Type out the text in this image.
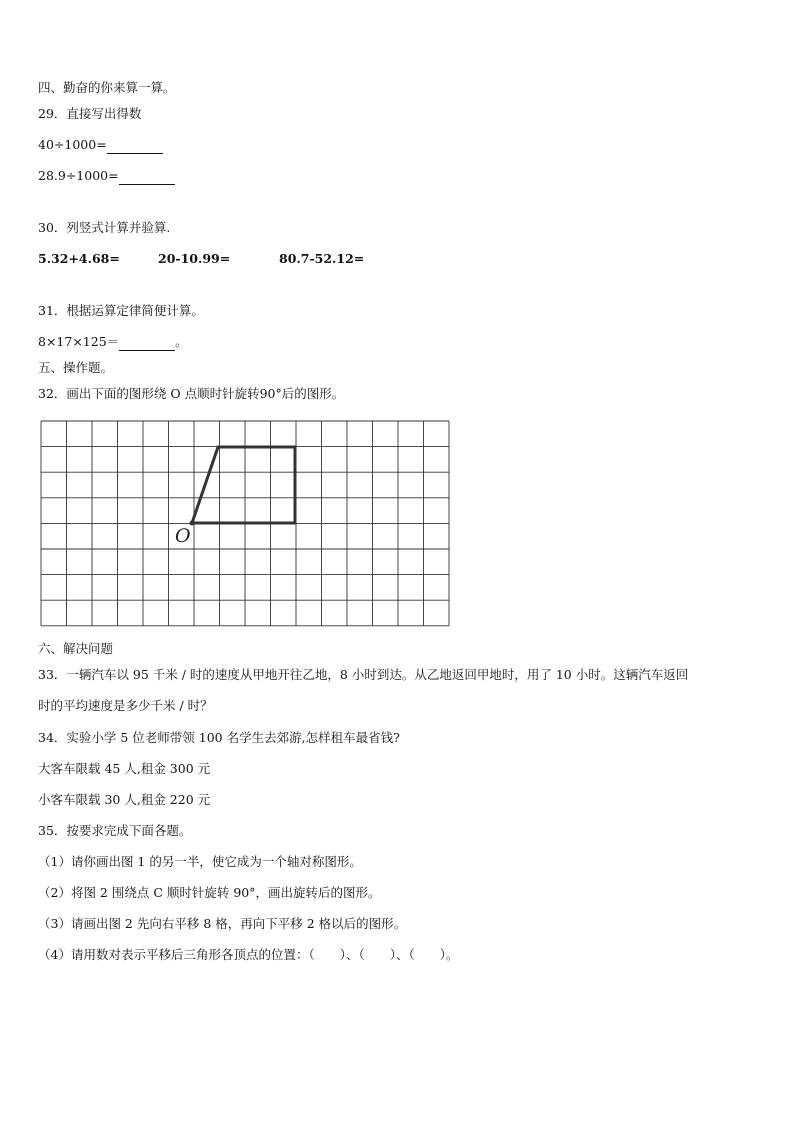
四、勤奋的你来算一算。
29．直接写出得数
40÷1000=
28.9÷1000=
30．列竖式计算并验算.
5.32+4.68=	20-10.99=	80.7-52.12=
31．根据运算定律简便计算。
8×17×125＝	。
五、操作题。
32．画出下面的图形绕 O 点顺时针旋转90°后的图形。
O
六、解决问题
33．一辆汽车以 95 千米 / 时的速度从甲地开往乙地，8 小时到达。从乙地返回甲地时，用了 10 小时。这辆汽车返回
时的平均速度是多少千米 / 时？
34．实验小学 5 位老师带领 100 名学生去郊游,怎样租车最省钱?
大客车限载 45 人,租金 300 元
小客车限载 30 人,租金 220 元
35．按要求完成下面各题。
（1）请你画出图 1 的另一半，使它成为一个轴对称图形。
（2）将图 2 围绕点 C 顺时针旋转 90°，画出旋转后的图形。
（3）请画出图 2 先向右平移 8 格，再向下平移 2 格以后的图形。
（4）请用数对表示平移后三角形各顶点的位置：（　　）、（　　）、（　　）。
